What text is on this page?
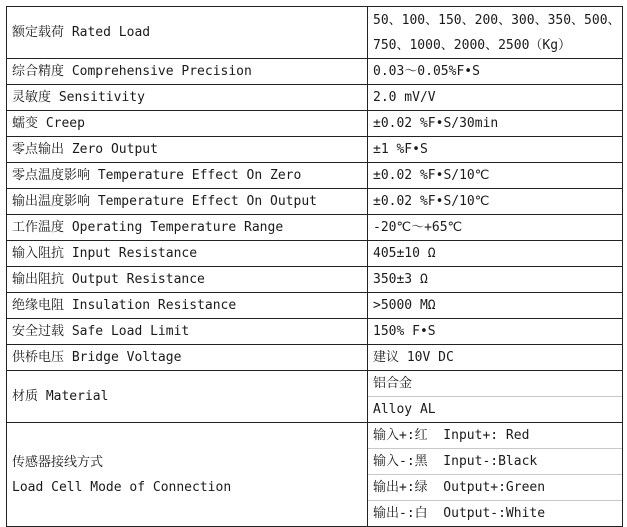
额定载荷 Rated Load	50、100、150、200、300、350、500、
750、1000、2000、2500（Kg）

综合精度 Comprehensive Precision	0.03～0.05%F•S
灵敏度 Sensitivity	2.0 mV/V
蠕变 Creep	±0.02 %F•S/30min
零点输出 Zero Output	±1 %F•S
零点温度影响 Temperature Effect On Zero	±0.02 %F•S/10℃
输出温度影响 Temperature Effect On Output	±0.02 %F•S/10℃
工作温度 Operating Temperature Range	-20℃～+65℃
输入阻抗 Input Resistance	405±10 Ω
输出阻抗 Output Resistance	350±3 Ω
绝缘电阻 Insulation Resistance	>5000 MΩ
安全过载 Safe Load Limit	150% F•S
供桥电压 Bridge Voltage	建议 10V DC
材质 Material	铝合金
Alloy AL

传感器接线方式
Load Cell Mode of Connection	输入+:红  Input+: Red
输入-:黑  Input-:Black
输出+:绿  Output+:Green
输出-:白  Output-:White
